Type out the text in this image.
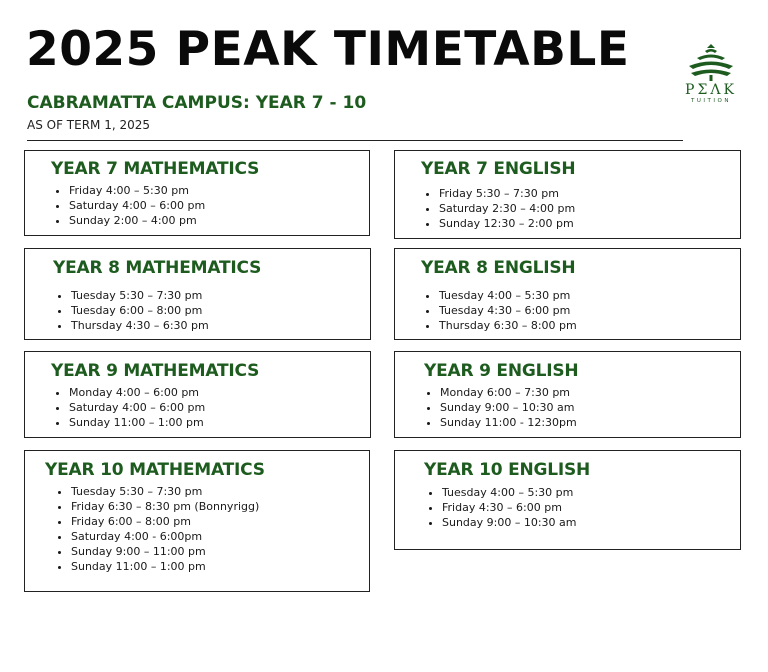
2025 PEAK TIMETABLE
CABRAMATTA CAMPUS: YEAR 7 - 10
AS OF TERM 1, 2025
PΣΛK
TUITION
YEAR 7 MATHEMATICS
• Friday 4:00 – 5:30 pm
• Saturday 4:00 – 6:00 pm
• Sunday 2:00 – 4:00 pm
YEAR 7 ENGLISH
• Friday 5:30 – 7:30 pm
• Saturday 2:30 – 4:00 pm
• Sunday 12:30 – 2:00 pm
YEAR 8 MATHEMATICS
• Tuesday 5:30 – 7:30 pm
• Tuesday 6:00 – 8:00 pm
• Thursday 4:30 – 6:30 pm
YEAR 8 ENGLISH
• Tuesday 4:00 – 5:30 pm
• Tuesday 4:30 – 6:00 pm
• Thursday 6:30 – 8:00 pm
YEAR 9 MATHEMATICS
• Monday 4:00 – 6:00 pm
• Saturday 4:00 – 6:00 pm
• Sunday 11:00 – 1:00 pm
YEAR 9 ENGLISH
• Monday 6:00 – 7:30 pm
• Sunday 9:00 – 10:30 am
• Sunday 11:00 - 12:30pm
YEAR 10 MATHEMATICS
• Tuesday 5:30 – 7:30 pm
• Friday 6:30 – 8:30 pm (Bonnyrigg)
• Friday 6:00 – 8:00 pm
• Saturday 4:00 - 6:00pm
• Sunday 9:00 – 11:00 pm
• Sunday 11:00 – 1:00 pm
YEAR 10 ENGLISH
• Tuesday 4:00 – 5:30 pm
• Friday 4:30 – 6:00 pm
• Sunday 9:00 – 10:30 am
